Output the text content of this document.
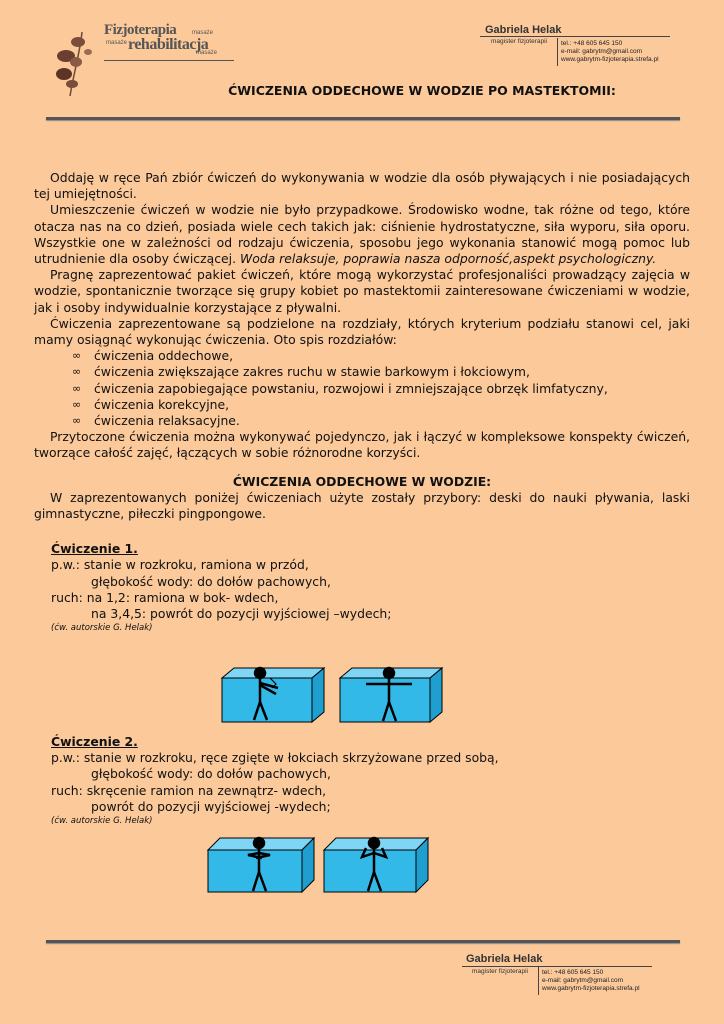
Fizjoterapia
rehabilitacja
masaże
masaże
masaże
Gabriela Helak
magister fizjoterapii tel.: +48 605 645 150
e-mail: gabrytm@gmail.com
www.gabrytm-fizjoterapia.strefa.pl
ĆWICZENIA ODDECHOWE W WODZIE PO MASTEKTOMII:

Oddaję w ręce Pań zbiór ćwiczeń do wykonywania w wodzie dla osób pływających i nie posiadających tej umiejętności.

Umieszczenie ćwiczeń w wodzie nie było przypadkowe. Środowisko wodne, tak różne od tego, które otacza nas na co dzień, posiada wiele cech takich jak: ciśnienie hydrostatyczne, siła wyporu, siła oporu. Wszystkie one w zależności od rodzaju ćwiczenia, sposobu jego wykonania stanowić mogą pomoc lub utrudnienie dla osoby ćwiczącej. Woda relaksuje, poprawia nasza odporność,aspekt psychologiczny.

Pragnę zaprezentować pakiet ćwiczeń, które mogą wykorzystać profesjonaliści prowadzący zajęcia w wodzie, spontanicznie tworzące się grupy kobiet po mastektomii zainteresowane ćwiczeniami w wodzie, jak i osoby indywidualnie korzystające z pływalni.

Ćwiczenia zaprezentowane są podzielone na rozdziały, których kryterium podziału stanowi cel, jaki mamy osiągnąć wykonując ćwiczenia. Oto spis rozdziałów:

∞ ćwiczenia oddechowe,
∞ ćwiczenia zwiększające zakres ruchu w stawie barkowym i łokciowym,
∞ ćwiczenia zapobiegające powstaniu, rozwojowi i zmniejszające obrzęk limfatyczny,
∞ ćwiczenia korekcyjne,
∞ ćwiczenia relaksacyjne.

Przytoczone ćwiczenia można wykonywać pojedynczo, jak i łączyć w kompleksowe konspekty ćwiczeń, tworzące całość zajęć, łączących w sobie różnorodne korzyści.

ĆWICZENIA ODDECHOWE W WODZIE:

W zaprezentowanych poniżej ćwiczeniach użyte zostały przybory: deski do nauki pływania, laski gimnastyczne, piłeczki pingpongowe.

Ćwiczenie 1.
p.w.: stanie w rozkroku, ramiona w przód,
głębokość wody: do dołów pachowych,
ruch: na 1,2: ramiona w bok- wdech,
na 3,4,5: powrót do pozycji wyjściowej –wydech;
(ćw. autorskie G. Helak)
Ćwiczenie 2.
p.w.: stanie w rozkroku, ręce zgięte w łokciach skrzyżowane przed sobą,
głębokość wody: do dołów pachowych,
ruch: skręcenie ramion na zewnątrz- wdech,
powrót do pozycji wyjściowej -wydech;
(ćw. autorskie G. Helak)
Gabriela Helak
magister fizjoterapii tel.: +48 605 645 150
e-mail: gabrytm@gmail.com
www.gabrytm-fizjoterapia.strefa.pl
